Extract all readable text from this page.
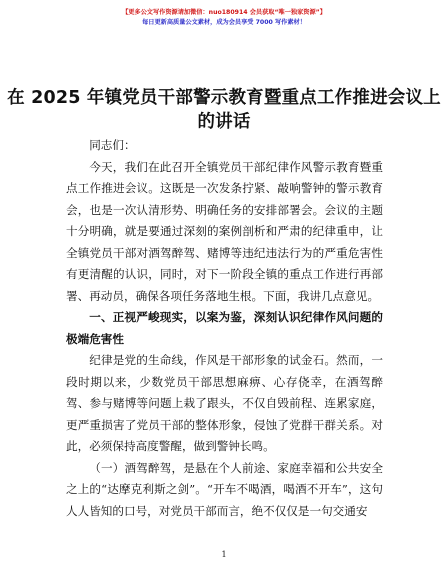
【更多公文写作资源请加微信：nuo180914 会员获取“唯一独家资源”】
每日更新高质量公文素材，成为会员享受 7000 写作素材！
在 2025 年镇党员干部警示教育暨重点工作推进会议上的讲话

同志们：

今天，我们在此召开全镇党员干部纪律作风警示教育暨重点工作推进会议。这既是一次发条拧紧、敲响警钟的警示教育会，也是一次认清形势、明确任务的安排部署会。会议的主题十分明确，就是要通过深刻的案例剖析和严肃的纪律重申，让全镇党员干部对酒驾醉驾、赌博等违纪违法行为的严重危害性有更清醒的认识，同时，对下一阶段全镇的重点工作进行再部署、再动员，确保各项任务落地生根。下面，我讲几点意见。

一、正视严峻现实，以案为鉴，深刻认识纪律作风问题的极端危害性

纪律是党的生命线，作风是干部形象的试金石。然而，一段时期以来，少数党员干部思想麻痹、心存侥幸，在酒驾醉驾、参与赌博等问题上栽了跟头，不仅自毁前程、连累家庭，更严重损害了党员干部的整体形象，侵蚀了党群干群关系。对此，必须保持高度警醒，做到警钟长鸣。

（一）酒驾醉驾，是悬在个人前途、家庭幸福和公共安全之上的“达摩克利斯之剑”。“开车不喝酒，喝酒不开车”，这句人人皆知的口号，对党员干部而言，绝不仅仅是一句交通安

1
